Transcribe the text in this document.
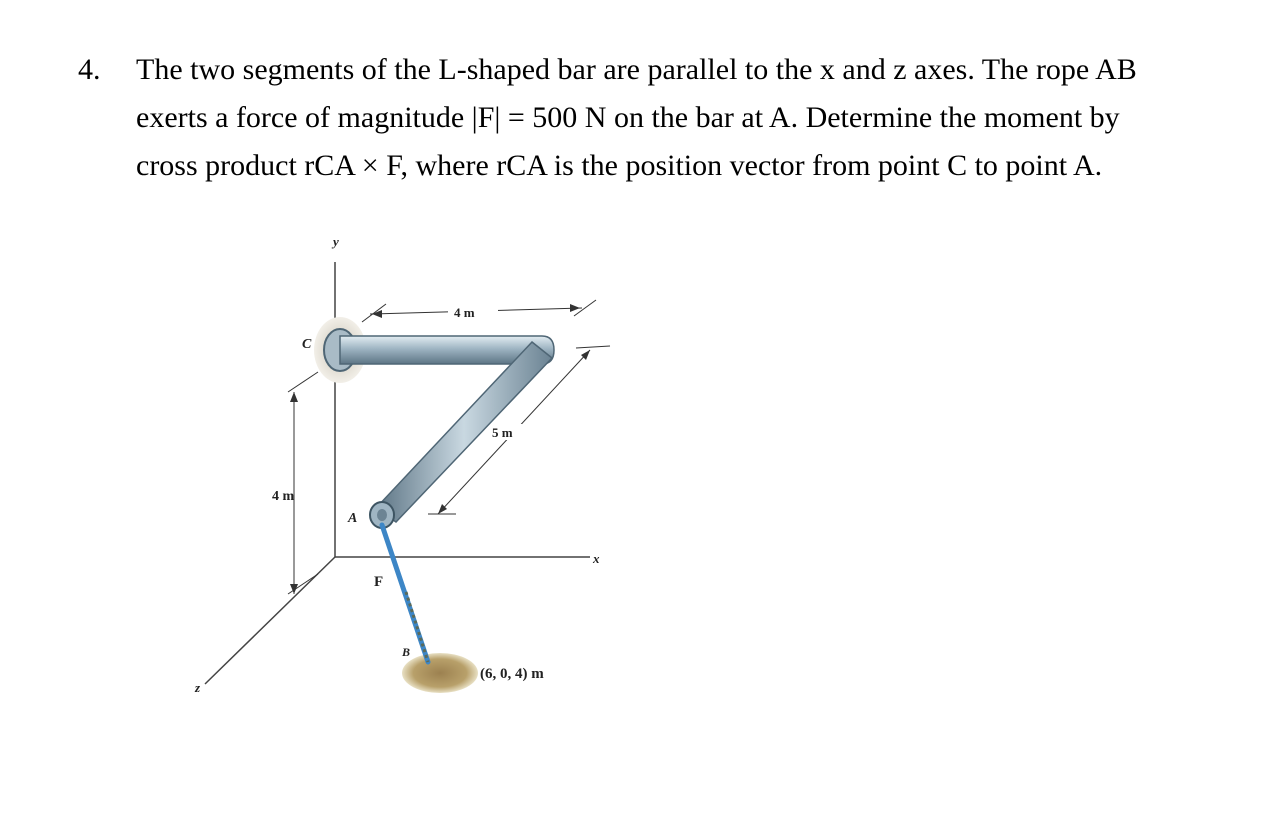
4. The two segments of the L-shaped bar are parallel to the x and z axes. The rope AB
exerts a force of magnitude |F| = 500 N on the bar at A. Determine the moment by
cross product rCA × F, where rCA is the position vector from point C to point A.
y
x
z
4 m
4 m
5 m
C
A
F
B
(6, 0, 4) m
